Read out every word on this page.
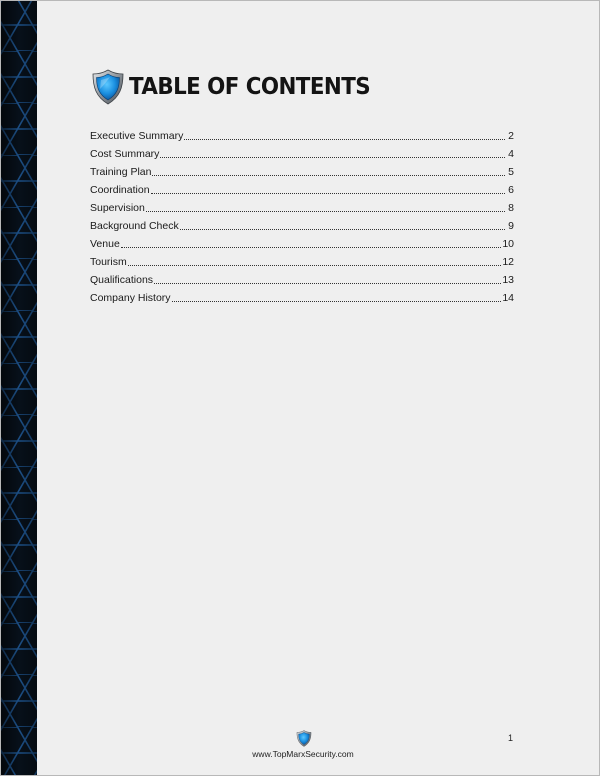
TABLE OF CONTENTS
Executive Summary	2
Cost Summary	4
Training Plan	5
Coordination	6
Supervision	8
Background Check	9
Venue	10
Tourism	12
Qualifications	13
Company History	14
www.TopMarxSecurity.com
1
